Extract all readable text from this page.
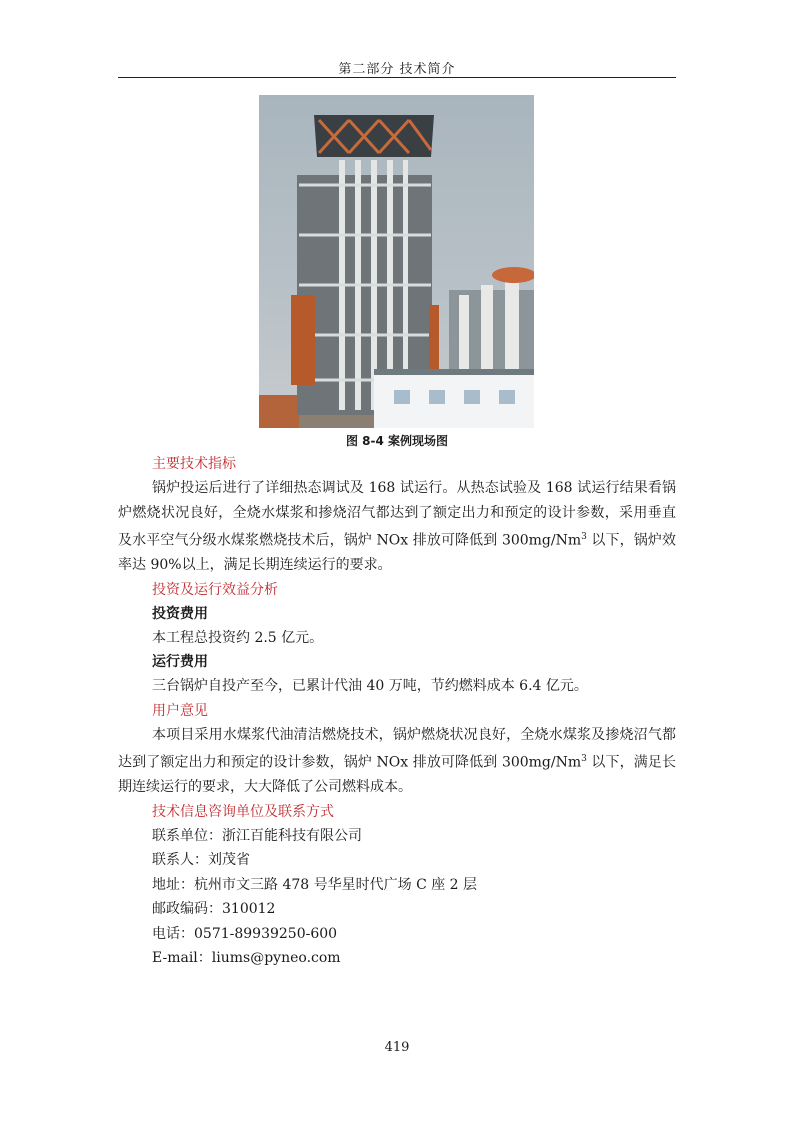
第二部分 技术简介
图 8-4 案例现场图
主要技术指标

锅炉投运后进行了详细热态调试及 168 试运行。从热态试验及 168 试运行结果看锅炉燃烧状况良好，全烧水煤浆和掺烧沼气都达到了额定出力和预定的设计参数，采用垂直及水平空气分级水煤浆燃烧技术后，锅炉 NOx 排放可降低到 300mg/Nm$^3$ 以下，锅炉效率达 90%以上，满足长期连续运行的要求。

投资及运行效益分析
投资费用
本工程总投资约 2.5 亿元。
运行费用
三台锅炉自投产至今，已累计代油 40 万吨，节约燃料成本 6.4 亿元。
用户意见

本项目采用水煤浆代油清洁燃烧技术，锅炉燃烧状况良好，全烧水煤浆及掺烧沼气都达到了额定出力和预定的设计参数，锅炉 NOx 排放可降低到 300mg/Nm$^3$ 以下，满足长期连续运行的要求，大大降低了公司燃料成本。

技术信息咨询单位及联系方式
联系单位：浙江百能科技有限公司
联系人：刘茂省
地址：杭州市文三路 478 号华星时代广场 C 座 2 层
邮政编码：310012
电话：0571-89939250-600
E-mail：liums@pyneo.com
419
